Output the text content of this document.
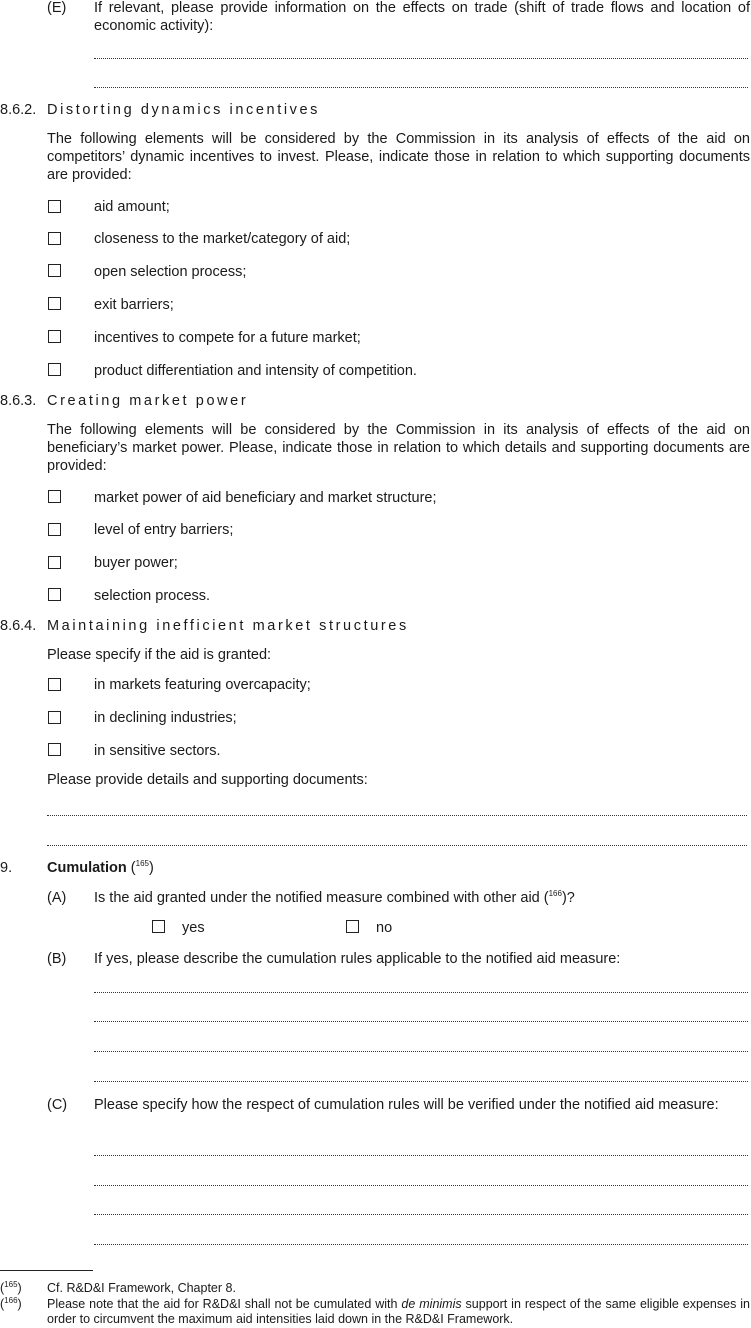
(E) If relevant, please provide information on the effects on trade (shift of trade flows and location of economic activity):
8.6.2. Distorting dynamics incentives
The following elements will be considered by the Commission in its analysis of effects of the aid on competitors’ dynamic incentives to invest. Please, indicate those in relation to which supporting documents are provided:
aid amount;
closeness to the market/category of aid;
open selection process;
exit barriers;
incentives to compete for a future market;
product differentiation and intensity of competition.
8.6.3. Creating market power
The following elements will be considered by the Commission in its analysis of effects of the aid on beneficiary’s market power. Please, indicate those in relation to which details and supporting documents are provided:
market power of aid beneficiary and market structure;
level of entry barriers;
buyer power;
selection process.
8.6.4. Maintaining inefficient market structures
Please specify if the aid is granted:
in markets featuring overcapacity;
in declining industries;
in sensitive sectors.
Please provide details and supporting documents:
9. Cumulation ($^{165}$)
(A) Is the aid granted under the notified measure combined with other aid ($^{166}$)?
yes	no
(B) If yes, please describe the cumulation rules applicable to the notified aid measure:
(C) Please specify how the respect of cumulation rules will be verified under the notified aid measure:
($^{165}$) Cf. R&D&I Framework, Chapter 8.
($^{166}$) Please note that the aid for R&D&I shall not be cumulated with de minimis support in respect of the same eligible expenses in order to circumvent the maximum aid intensities laid down in the R&D&I Framework.
